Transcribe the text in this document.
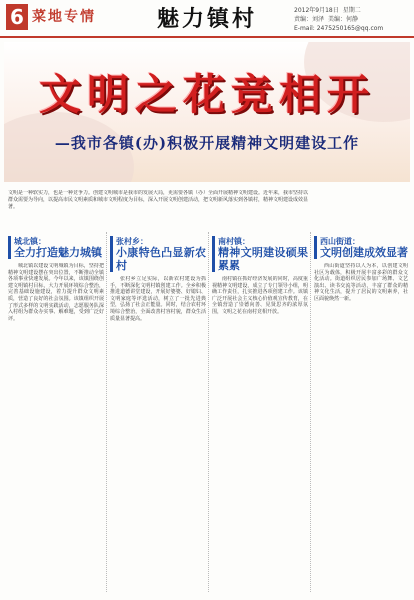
6 菜地专情	魅力镇村	2012年9月18日 星期二
责编：刘泽 美编：何静
E-mail: 2475250165@qq.com
文明之花竞相开
—我市各镇(办)积极开展精神文明建设工作
文明是一种软实力，也是一种竞争力。创建文明城市是我市的发展大局，更需要各镇（办）全面开展精神文明建设。近年来，我市坚持以群众需要为导向，以提高市民文明素质和城市文明程度为目标，深入开展文明创建活动，把文明新风落实到各镇村，精神文明建设成效显著。
城北镇：
全力打造魅力城镇

城北镇以建设文明城镇为目标，坚持把精神文明建设摆在突出位置，不断推动全镇各项事业快速发展。今年以来，该镇围绕创建文明镇村目标，大力开展环境综合整治，完善基础设施建设，着力提升群众文明素质，营造了良好的社会氛围。该镇组织开展了形式多样的文明实践活动，志愿服务队深入村组为群众办实事、解难题，受到广泛好评。

张村乡：
小康特色凸显新农村

张村乡立足实际，以新农村建设为抓手，不断深化文明村镇创建工作。全乡积极推进道德讲堂建设，开展好婆婆、好媳妇、文明家庭等评选活动，树立了一批先进典型，弘扬了社会正能量。同时，结合农村环境综合整治，全面改善村容村貌，群众生活质量显著提高。

南村镇：
精神文明建设硕果累累

南村镇在抓好经济发展的同时，高度重视精神文明建设，成立了专门领导小组，明确工作责任，扎实推进各项创建工作。该镇广泛开展社会主义核心价值观宣传教育，在全镇营造了崇德向善、见贤思齐的浓厚氛围，文明之花在南村竞相开放。

西山街道：
文明创建成效显著

西山街道坚持以人为本，以创建文明社区为载体，积极开展丰富多彩的群众文化活动。街道组织居民参加广场舞、文艺演出、读书交流等活动，丰富了群众的精神文化生活，提升了居民的文明素养，社区面貌焕然一新。
